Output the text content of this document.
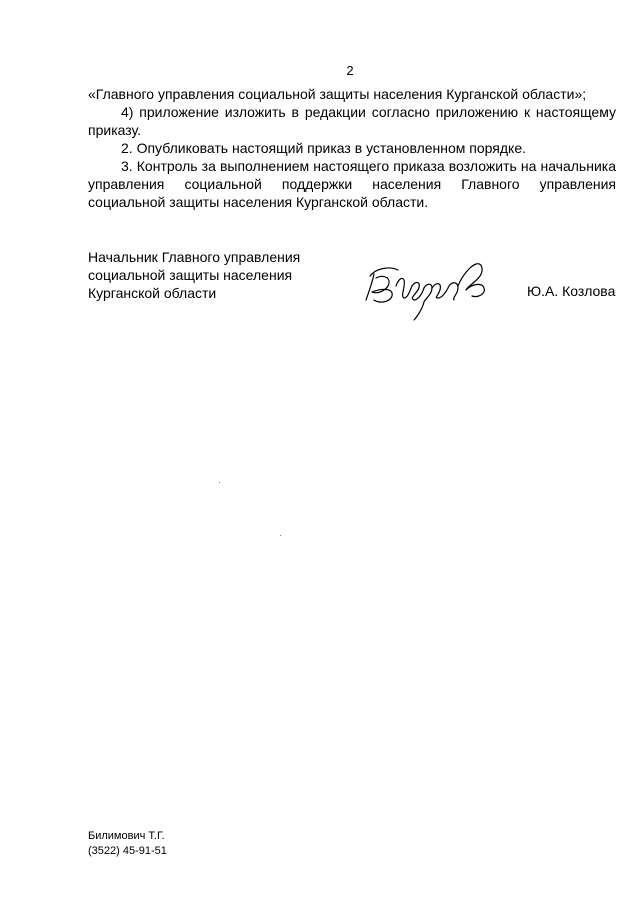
2

«Главного управления социальной защиты населения Курганской области»;

4) приложение изложить в редакции согласно приложению к настоящему приказу.

2. Опубликовать настоящий приказ в установленном порядке.

3. Контроль за выполнением настоящего приказа возложить на начальника управления социальной поддержки населения Главного управления социальной защиты населения Курганской области.

Начальник Главного управления
социальной защиты населения
Курганской области	Ю.А. Козлова
Билимович Т.Г.
(3522) 45-91-51
